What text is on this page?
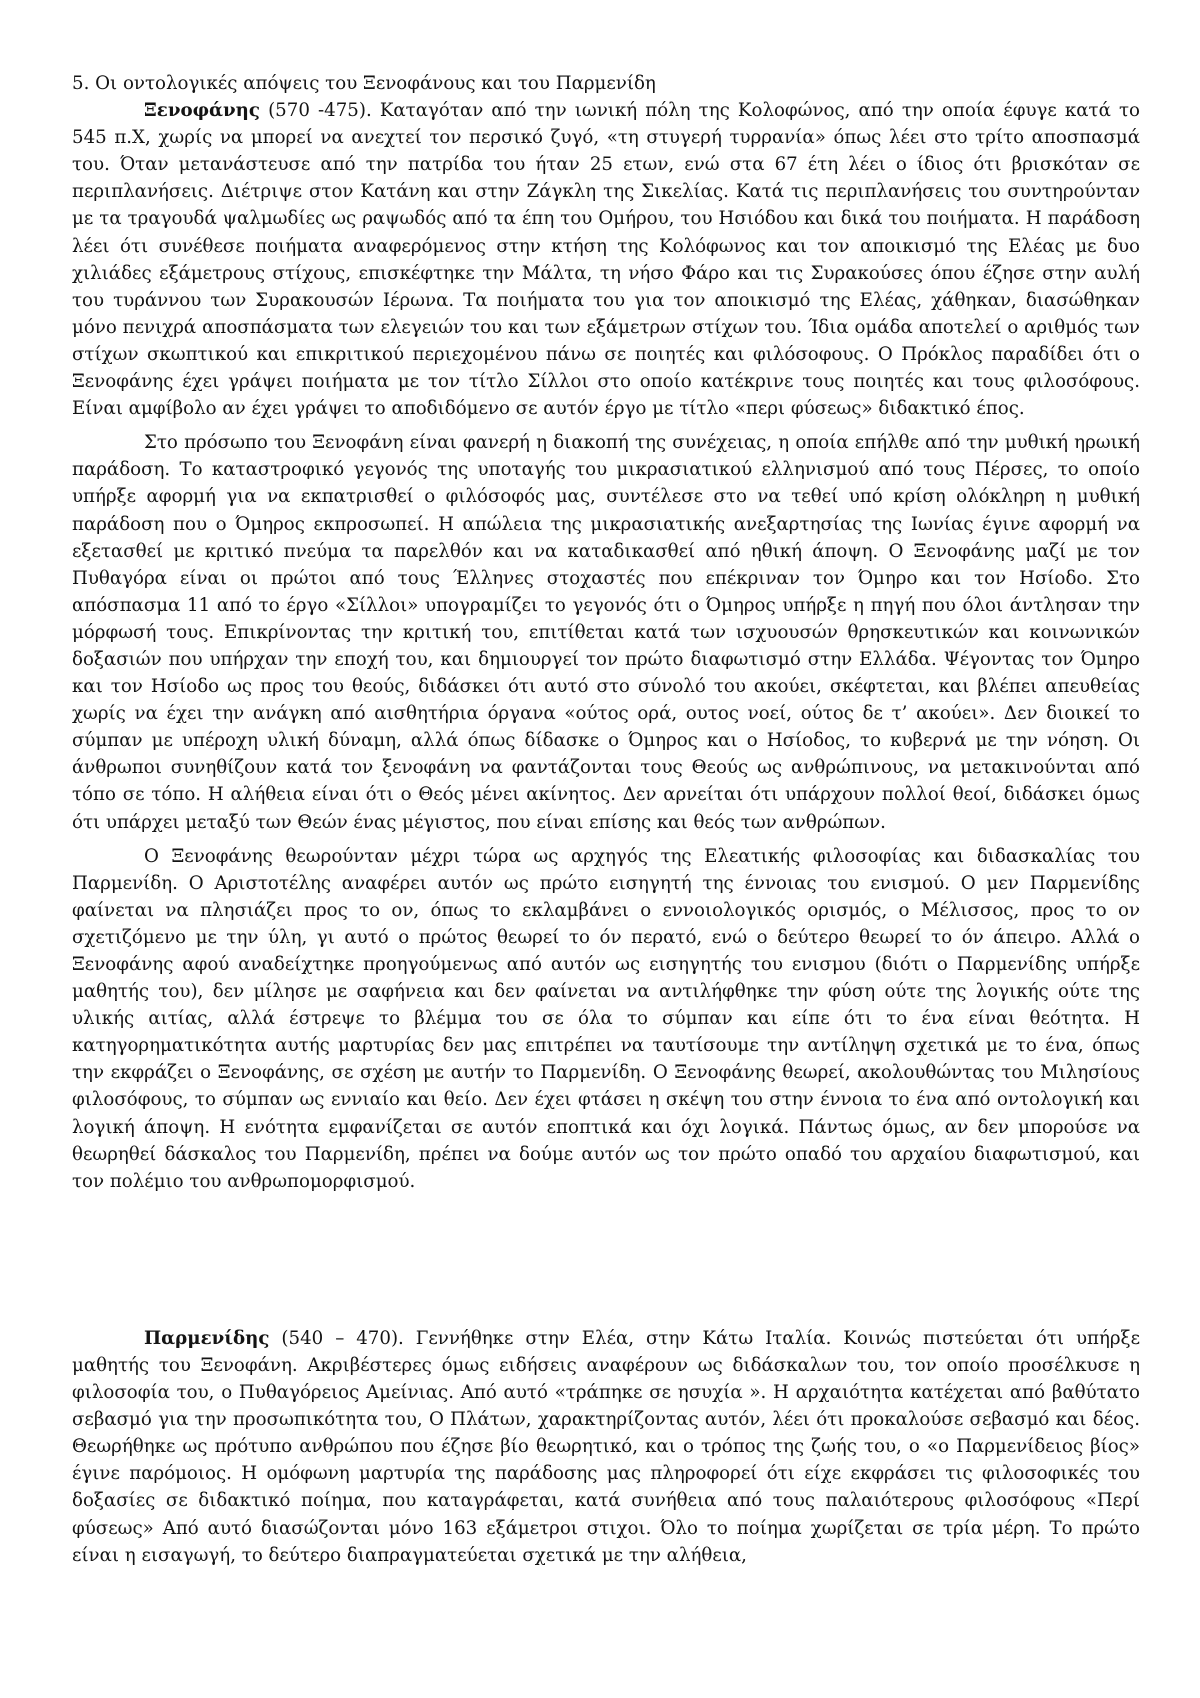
5. Οι οντολογικές απόψεις του Ξενοφάνους και του Παρμενίδη

Ξενοφάνης (570 -475). Καταγόταν από την ιωνική πόλη της Κολοφώνος, από την οποία έφυγε κατά το 545 π.Χ, χωρίς να μπορεί να ανεχτεί τον περσικό ζυγό, «τη στυγερή τυρρανία» όπως λέει στο τρίτο αποσπασμά του. Όταν μετανάστευσε από την πατρίδα του ήταν 25 ετων, ενώ στα 67 έτη λέει ο ίδιος ότι βρισκόταν σε περιπλανήσεις. Διέτριψε στον Κατάνη και στην Ζάγκλη της Σικελίας. Κατά τις περιπλανήσεις του συντηρούνταν με τα τραγουδά ψαλμωδίες ως ραψωδός από τα έπη του Ομήρου, του Ησιόδου και δικά του ποιήματα. Η παράδοση λέει ότι συνέθεσε ποιήματα αναφερόμενος στην κτήση της Κολόφωνος και τον αποικισμό της Ελέας με δυο χιλιάδες εξάμετρους στίχους, επισκέφτηκε την Μάλτα, τη νήσο Φάρο και τις Συρακούσες όπου έζησε στην αυλή του τυράννου των Συρακουσών Ιέρωνα. Τα ποιήματα του για τον αποικισμό της Ελέας, χάθηκαν, διασώθηκαν μόνο πενιχρά αποσπάσματα των ελεγειών του και των εξάμετρων στίχων του. Ίδια ομάδα αποτελεί ο αριθμός των στίχων σκωπτικού και επικριτικού περιεχομένου πάνω σε ποιητές και φιλόσοφους. Ο Πρόκλος παραδίδει ότι ο Ξενοφάνης έχει γράψει ποιήματα με τον τίτλο Σίλλοι στο οποίο κατέκρινε τους ποιητές και τους φιλοσόφους. Είναι αμφίβολο αν έχει γράψει το αποδιδόμενο σε αυτόν έργο με τίτλο «περι φύσεως» διδακτικό έπος.

Στο πρόσωπο του Ξενοφάνη είναι φανερή η διακοπή της συνέχειας, η οποία επήλθε από την μυθική ηρωική παράδοση. Το καταστροφικό γεγονός της υποταγής του μικρασιατικού ελληνισμού από τους Πέρσες, το οποίο υπήρξε αφορμή για να εκπατρισθεί ο φιλόσοφός μας, συντέλεσε στο να τεθεί υπό κρίση ολόκληρη η μυθική παράδοση που ο Όμηρος εκπροσωπεί. Η απώλεια της μικρασιατικής ανεξαρτησίας της Ιωνίας έγινε αφορμή να εξετασθεί με κριτικό πνεύμα τα παρελθόν και να καταδικασθεί από ηθική άποψη. Ο Ξενοφάνης μαζί με τον Πυθαγόρα είναι οι πρώτοι από τους Έλληνες στοχαστές που επέκριναν τον Όμηρο και τον Ησίοδο. Στο απόσπασμα 11 από το έργο «Σίλλοι» υπογραμίζει το γεγονός ότι ο Όμηρος υπήρξε η πηγή που όλοι άντλησαν την μόρφωσή τους. Επικρίνοντας την κριτική του, επιτίθεται κατά των ισχυουσών θρησκευτικών και κοινωνικών δοξασιών που υπήρχαν την εποχή του, και δημιουργεί τον πρώτο διαφωτισμό στην Ελλάδα. Ψέγοντας τον Όμηρο και τον Ησίοδο ως προς του θεούς, διδάσκει ότι αυτό στο σύνολό του ακούει, σκέφτεται, και βλέπει απευθείας χωρίς να έχει την ανάγκη από αισθητήρια όργανα «ούτος ορά, ουτος νοεί, ούτος δε τ’ ακούει». Δεν διοικεί το σύμπαν με υπέροχη υλική δύναμη, αλλά όπως δίδασκε ο Όμηρος και ο Ησίοδος, το κυβερνά με την νόηση. Οι άνθρωποι συνηθίζουν κατά τον ξενοφάνη να φαντάζονται τους Θεούς ως ανθρώπινους, να μετακινούνται από τόπο σε τόπο. Η αλήθεια είναι ότι ο Θεός μένει ακίνητος. Δεν αρνείται ότι υπάρχουν πολλοί θεοί, διδάσκει όμως ότι υπάρχει μεταξύ των Θεών ένας μέγιστος, που είναι επίσης και θεός των ανθρώπων.

Ο Ξενοφάνης θεωρούνταν μέχρι τώρα ως αρχηγός της Ελεατικής φιλοσοφίας και διδασκαλίας του Παρμενίδη. Ο Αριστοτέλης αναφέρει αυτόν ως πρώτο εισηγητή της έννοιας του ενισμού. Ο μεν Παρμενίδης φαίνεται να πλησιάζει προς το ον, όπως το εκλαμβάνει ο εννοιολογικός ορισμός, ο Μέλισσος, προς το ον σχετιζόμενο με την ύλη, γι αυτό ο πρώτος θεωρεί το όν περατό, ενώ ο δεύτερο θεωρεί το όν άπειρο. Αλλά ο Ξενοφάνης αφού αναδείχτηκε προηγούμενως από αυτόν ως εισηγητής του ενισμου (διότι ο Παρμενίδης υπήρξε μαθητής του), δεν μίλησε με σαφήνεια και δεν φαίνεται να αντιλήφθηκε την φύση ούτε της λογικής ούτε της υλικής αιτίας, αλλά έστρεψε το βλέμμα του σε όλα το σύμπαν και είπε ότι το ένα είναι θεότητα. Η κατηγορηματικότητα αυτής μαρτυρίας δεν μας επιτρέπει να ταυτίσουμε την αντίληψη σχετικά με το ένα, όπως την εκφράζει ο Ξενοφάνης, σε σχέση με αυτήν το Παρμενίδη. Ο Ξενοφάνης θεωρεί, ακολουθώντας του Μιλησίους φιλοσόφους, το σύμπαν ως εννιαίο και θείο. Δεν έχει φτάσει η σκέψη του στην έννοια το ένα από οντολογική και λογική άποψη. Η ενότητα εμφανίζεται σε αυτόν εποπτικά και όχι λογικά. Πάντως όμως, αν δεν μπορούσε να θεωρηθεί δάσκαλος του Παρμενίδη, πρέπει να δούμε αυτόν ως τον πρώτο οπαδό του αρχαίου διαφωτισμού, και τον πολέμιο του ανθρωπομορφισμού.

Παρμενίδης (540 – 470). Γεννήθηκε στην Ελέα, στην Κάτω Ιταλία. Κοινώς πιστεύεται ότι υπήρξε μαθητής του Ξενοφάνη. Ακριβέστερες όμως ειδήσεις αναφέρουν ως διδάσκαλων του, τον οποίο προσέλκυσε η φιλοσοφία του, ο Πυθαγόρειος Αμείνιας. Από αυτό «τράπηκε σε ησυχία ». Η αρχαιότητα κατέχεται από βαθύτατο σεβασμό για την προσωπικότητα του, Ο Πλάτων, χαρακτηρίζοντας αυτόν, λέει ότι προκαλούσε σεβασμό και δέος. Θεωρήθηκε ως πρότυπο ανθρώπου που έζησε βίο θεωρητικό, και ο τρόπος της ζωής του, ο «ο Παρμενίδειος βίος» έγινε παρόμοιος. Η ομόφωνη μαρτυρία της παράδοσης μας πληροφορεί ότι είχε εκφράσει τις φιλοσοφικές του δοξασίες σε διδακτικό ποίημα, που καταγράφεται, κατά συνήθεια από τους παλαιότερους φιλοσόφους «Περί φύσεως» Από αυτό διασώζονται μόνο 163 εξάμετροι στιχοι. Όλο το ποίημα χωρίζεται σε τρία μέρη. Το πρώτο είναι η εισαγωγή, το δεύτερο διαπραγματεύεται σχετικά με την αλήθεια,
